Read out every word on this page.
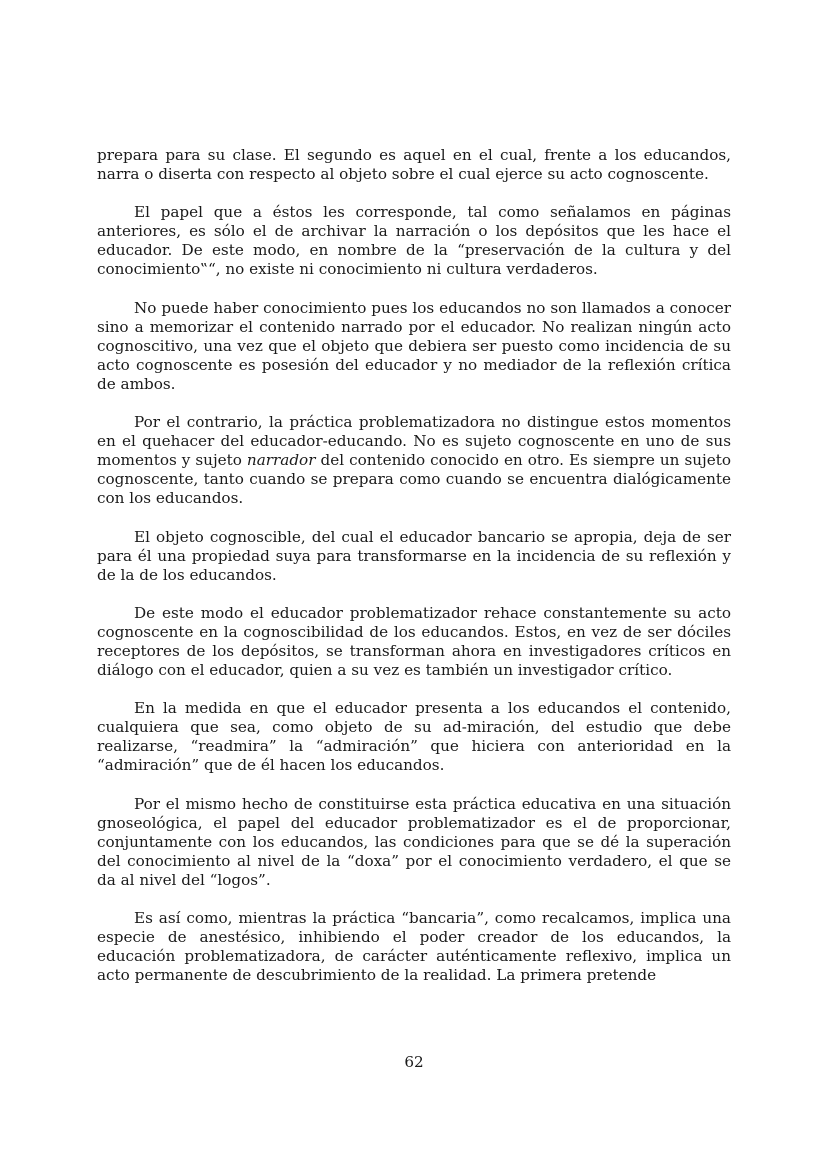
prepara para su clase. El segundo es aquel en el cual, frente a los educandos, narra o diserta con respecto al objeto sobre el cual ejerce su acto cognoscente.

El papel que a éstos les corresponde, tal como señalamos en páginas anteriores, es sólo el de archivar la narración o los depósitos que les hace el educador. De este modo, en nombre de la “preservación de la cultura y del conocimiento‟“, no existe ni conocimiento ni cultura verdaderos.

No puede haber conocimiento pues los educandos no son llamados a conocer sino a memorizar el contenido narrado por el educador. No realizan ningún acto cognoscitivo, una vez que el objeto que debiera ser puesto como incidencia de su acto cognoscente es posesión del educador y no mediador de la reflexión crítica de ambos.

Por el contrario, la práctica problematizadora no distingue estos momentos en el quehacer del educador-educando. No es sujeto cognoscente en uno de sus momentos y sujeto narrador del contenido conocido en otro. Es siempre un sujeto cognoscente, tanto cuando se prepara como cuando se encuentra dialógicamente con los educandos.

El objeto cognoscible, del cual el educador bancario se apropia, deja de ser para él una propiedad suya para transformarse en la incidencia de su reflexión y de la de los educandos.

De este modo el educador problematizador rehace constantemente su acto cognoscente en la cognoscibilidad de los educandos. Estos, en vez de ser dóciles receptores de los depósitos, se transforman ahora en investigadores críticos en diálogo con el educador, quien a su vez es también un investigador crítico.

En la medida en que el educador presenta a los educandos el contenido, cualquiera que sea, como objeto de su ad-miración, del estudio que debe realizarse, “readmira” la “admiración” que hiciera con anterioridad en la “admiración” que de él hacen los educandos.

Por el mismo hecho de constituirse esta práctica educativa en una situación gnoseológica, el papel del educador problematizador es el de proporcionar, conjuntamente con los educandos, las condiciones para que se dé la superación del conocimiento al nivel de la “doxa” por el conocimiento verdadero, el que se da al nivel del “logos”.

Es así como, mientras la práctica “bancaria”, como recalcamos, implica una especie de anestésico, inhibiendo el poder creador de los educandos, la educación problematizadora, de carácter auténticamente reflexivo, implica un acto permanente de descubrimiento de la realidad. La primera pretende

62
